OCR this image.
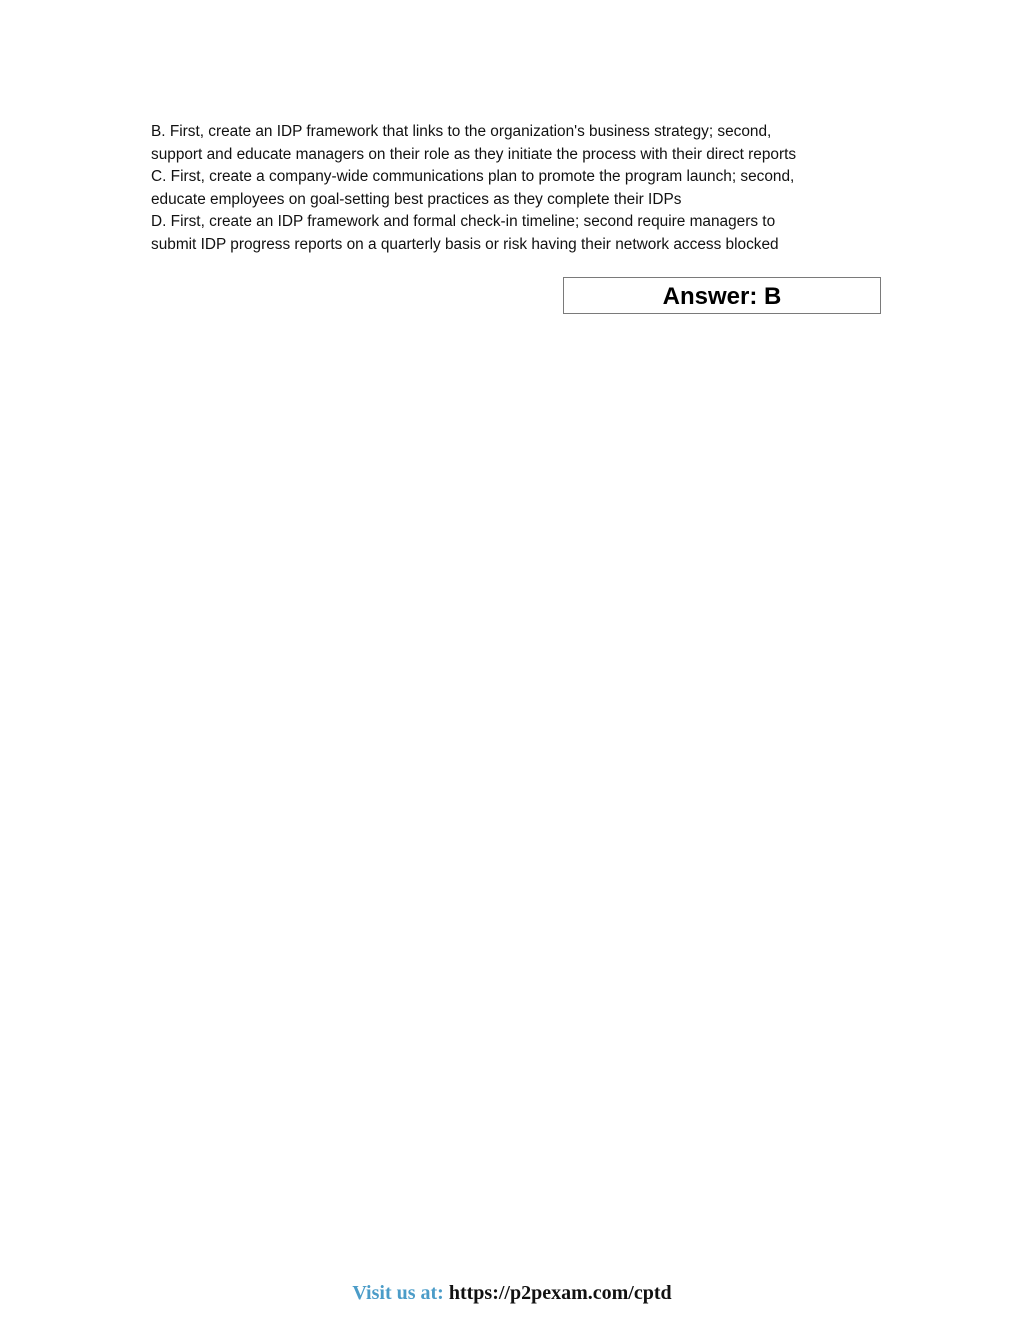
B. First, create an IDP framework that links to the organization's business strategy; second,
support and educate managers on their role as they initiate the process with their direct reports
C. First, create a company-wide communications plan to promote the program launch; second,
educate employees on goal-setting best practices as they complete their IDPs
D. First, create an IDP framework and formal check-in timeline; second require managers to
submit IDP progress reports on a quarterly basis or risk having their network access blocked
Answer: B
Visit us at: https://p2pexam.com/cptd
